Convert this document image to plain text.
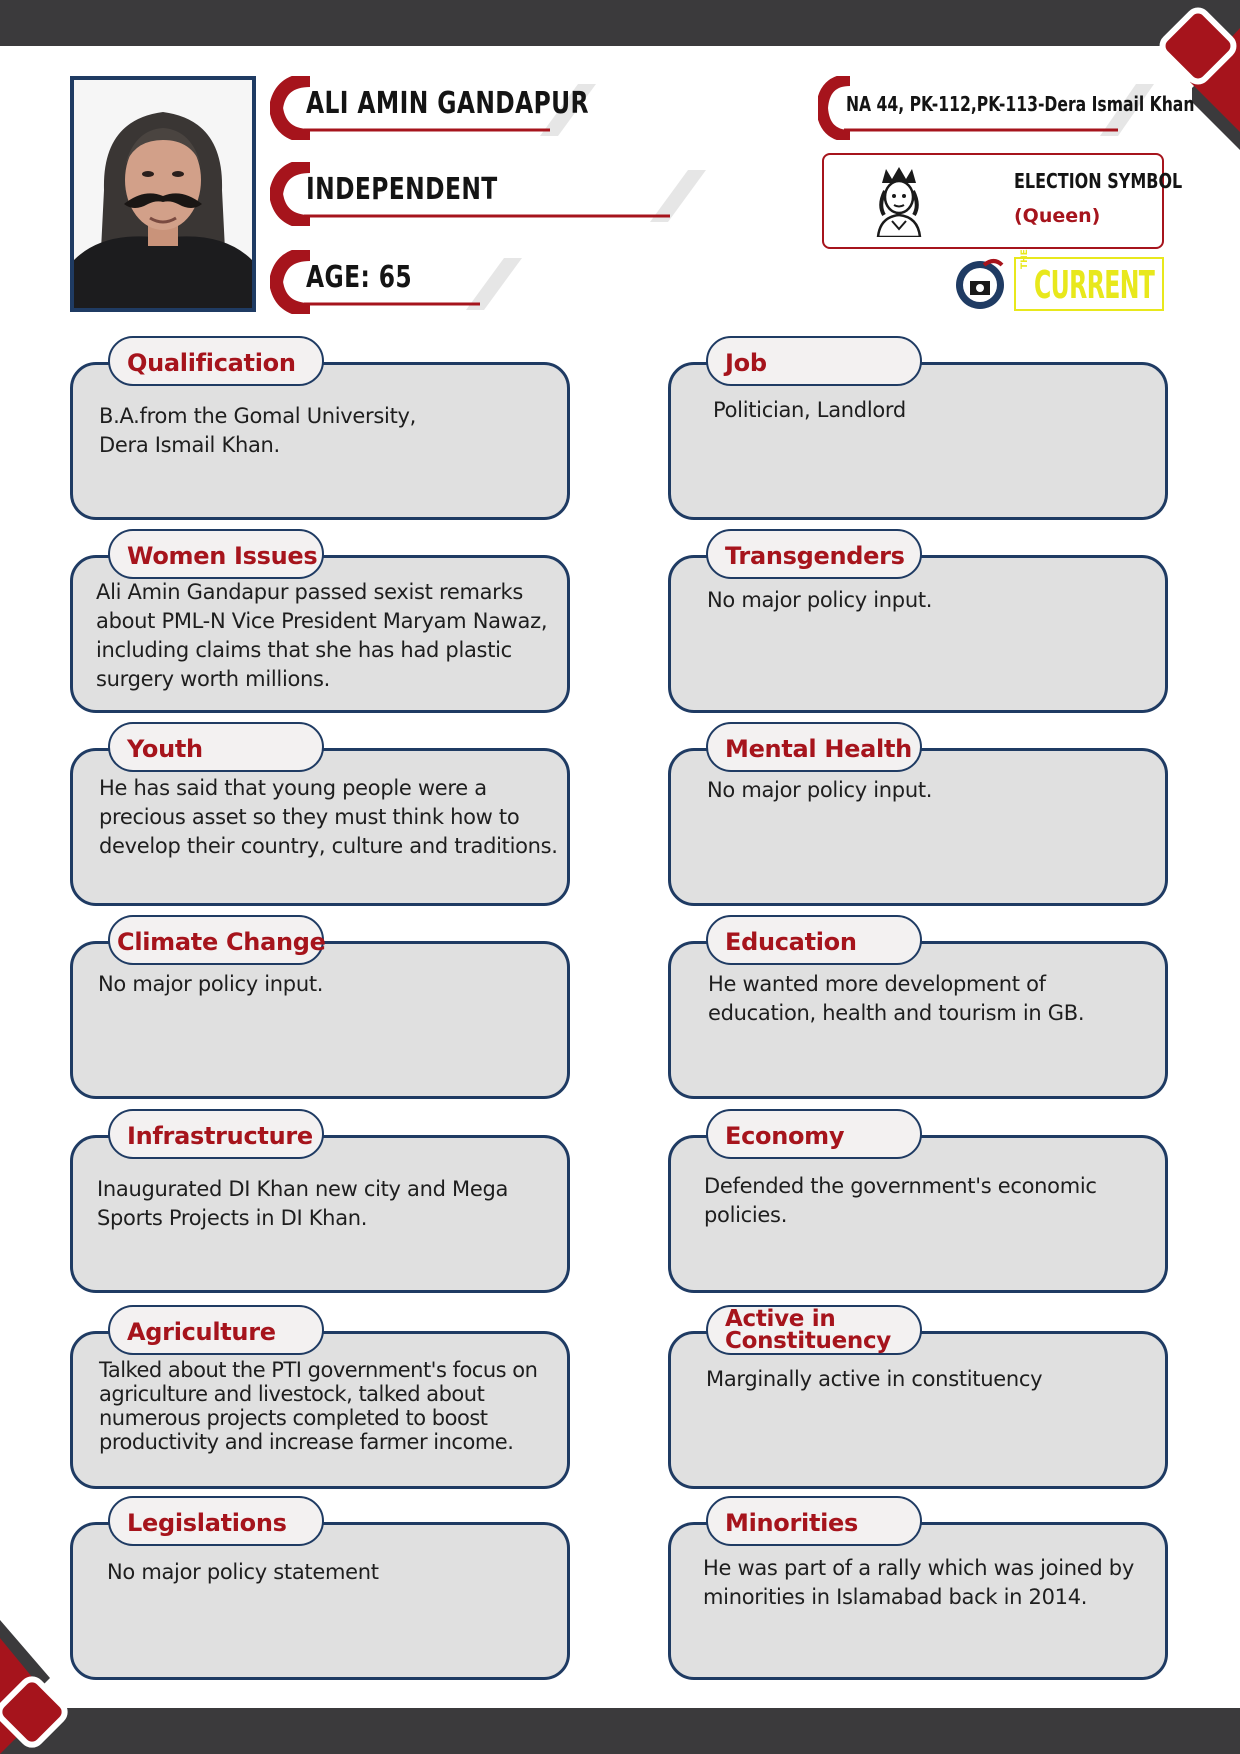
ALI AMIN GANDAPUR
INDEPENDENT
AGE: 65
NA 44, PK-112,PK-113-Dera Ismail Khan
ELECTION SYMBOL
(Queen)
THE
CURRENT
Qualification
B.A.from the Gomal University,
Dera Ismail Khan.
Women Issues
Ali Amin Gandapur passed sexist remarks about PML-N Vice President Maryam Nawaz, including claims that she has had plastic surgery worth millions.
Youth
He has said that young people were a precious asset so they must think how to develop their country, culture and traditions.
Climate Change
No major policy input.
Infrastructure
Inaugurated DI Khan new city and Mega Sports Projects in DI Khan.
Agriculture
Talked about the PTI government's focus on agriculture and livestock, talked about numerous projects completed to boost productivity and increase farmer income.
Legislations
No major policy statement
Job
Politician, Landlord
Transgenders
No major policy input.
Mental Health
No major policy input.
Education
He wanted more development of education, health and tourism in GB.
Economy
Defended the government's economic policies.
Active in Constituency
Marginally active in constituency
Minorities
He was part of a rally which was joined by minorities in Islamabad back in 2014.
